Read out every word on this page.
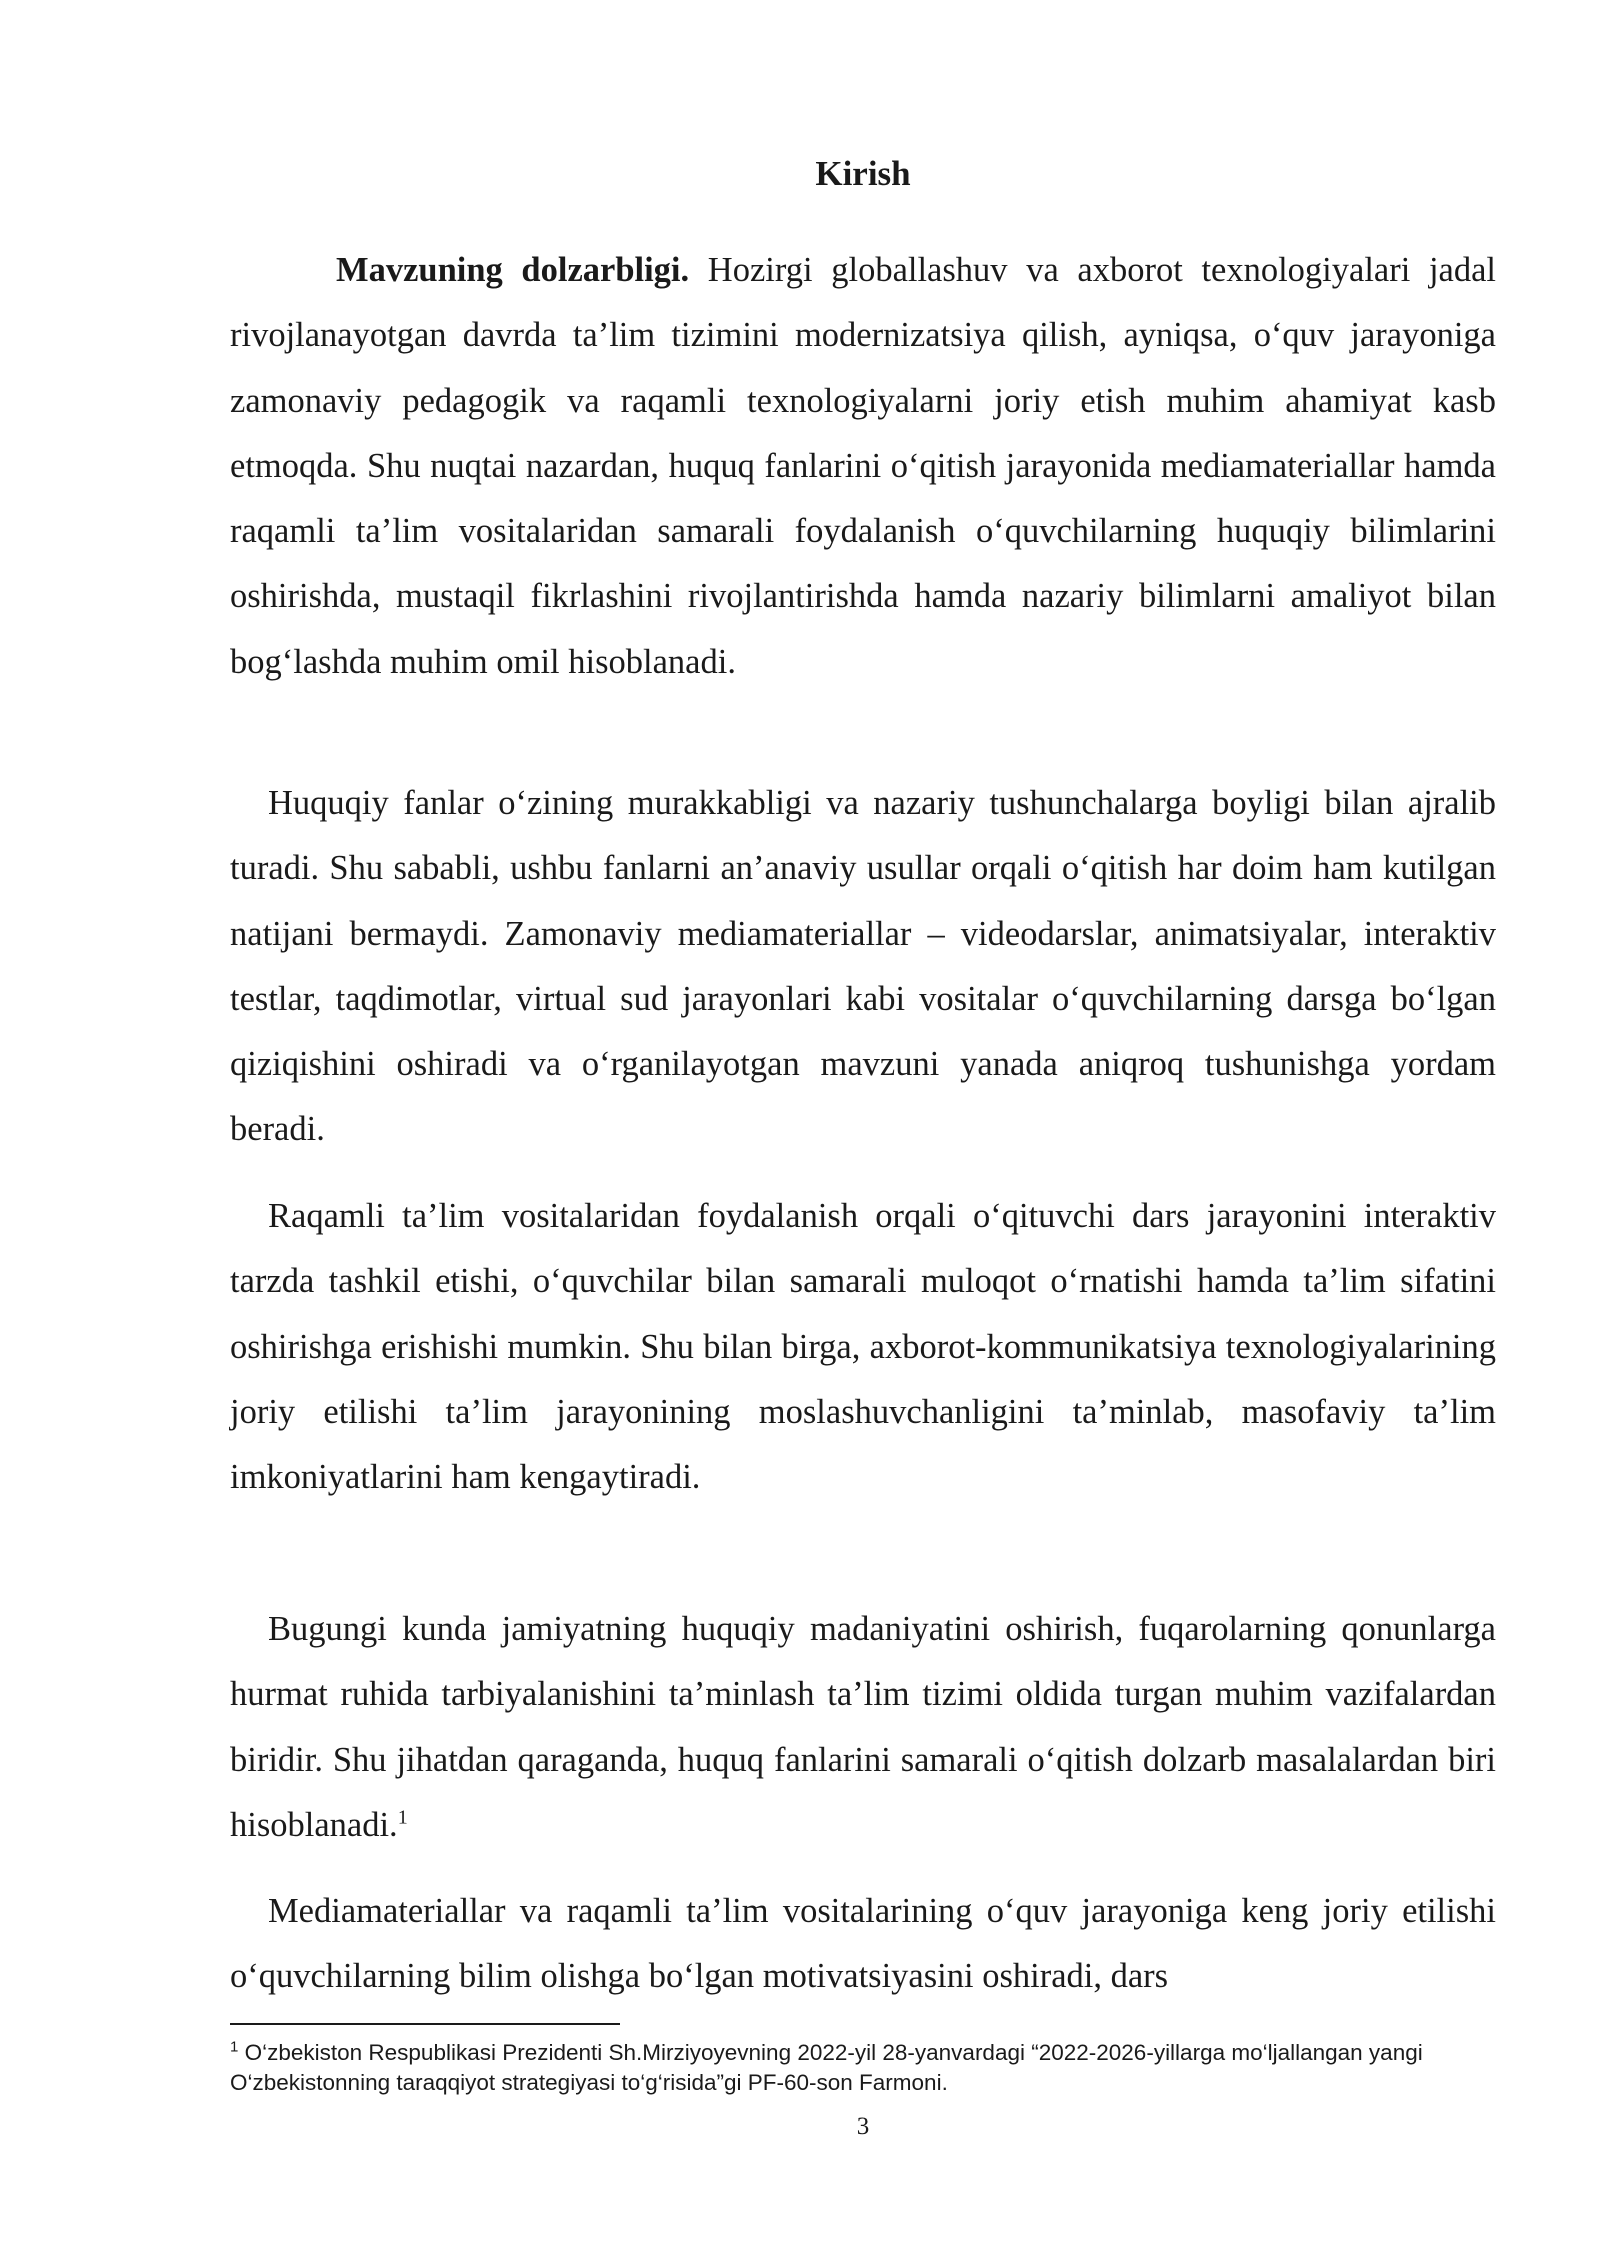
Kirish

Mavzuning dolzarbligi. Hozirgi globallashuv va axborot texnologiyalari jadal rivojlanayotgan davrda ta’lim tizimini modernizatsiya qilish, ayniqsa, o‘quv jarayoniga zamonaviy pedagogik va raqamli texnologiyalarni joriy etish muhim ahamiyat kasb etmoqda. Shu nuqtai nazardan, huquq fanlarini o‘qitish jarayonida mediamateriallar hamda raqamli ta’lim vositalaridan samarali foydalanish o‘quvchilarning huquqiy bilimlarini oshirishda, mustaqil fikrlashini rivojlantirishda hamda nazariy bilimlarni amaliyot bilan bog‘lashda muhim omil hisoblanadi.

Huquqiy fanlar o‘zining murakkabligi va nazariy tushunchalarga boyligi bilan ajralib turadi. Shu sababli, ushbu fanlarni an’anaviy usullar orqali o‘qitish har doim ham kutilgan natijani bermaydi. Zamonaviy mediamateriallar – videodarslar, animatsiyalar, interaktiv testlar, taqdimotlar, virtual sud jarayonlari kabi vositalar o‘quvchilarning darsga bo‘lgan qiziqishini oshiradi va o‘rganilayotgan mavzuni yanada aniqroq tushunishga yordam beradi.

Raqamli ta’lim vositalaridan foydalanish orqali o‘qituvchi dars jarayonini interaktiv tarzda tashkil etishi, o‘quvchilar bilan samarali muloqot o‘rnatishi hamda ta’lim sifatini oshirishga erishishi mumkin. Shu bilan birga, axborot-kommunikatsiya texnologiyalarining joriy etilishi ta’lim jarayonining moslashuvchanligini ta’minlab, masofaviy ta’lim imkoniyatlarini ham kengaytiradi.

Bugungi kunda jamiyatning huquqiy madaniyatini oshirish, fuqarolarning qonunlarga hurmat ruhida tarbiyalanishini ta’minlash ta’lim tizimi oldida turgan muhim vazifalardan biridir. Shu jihatdan qaraganda, huquq fanlarini samarali o‘qitish dolzarb masalalardan biri hisoblanadi.$^1$

Mediamateriallar va raqamli ta’lim vositalarining o‘quv jarayoniga keng joriy etilishi o‘quvchilarning bilim olishga bo‘lgan motivatsiyasini oshiradi, dars

$^1$ O‘zbekiston Respublikasi Prezidenti Sh.Mirziyoyevning 2022-yil 28-yanvardagi “2022-2026-yillarga mo‘ljallangan yangi O‘zbekistonning taraqqiyot strategiyasi to‘g‘risida”gi PF-60-son Farmoni.
3
